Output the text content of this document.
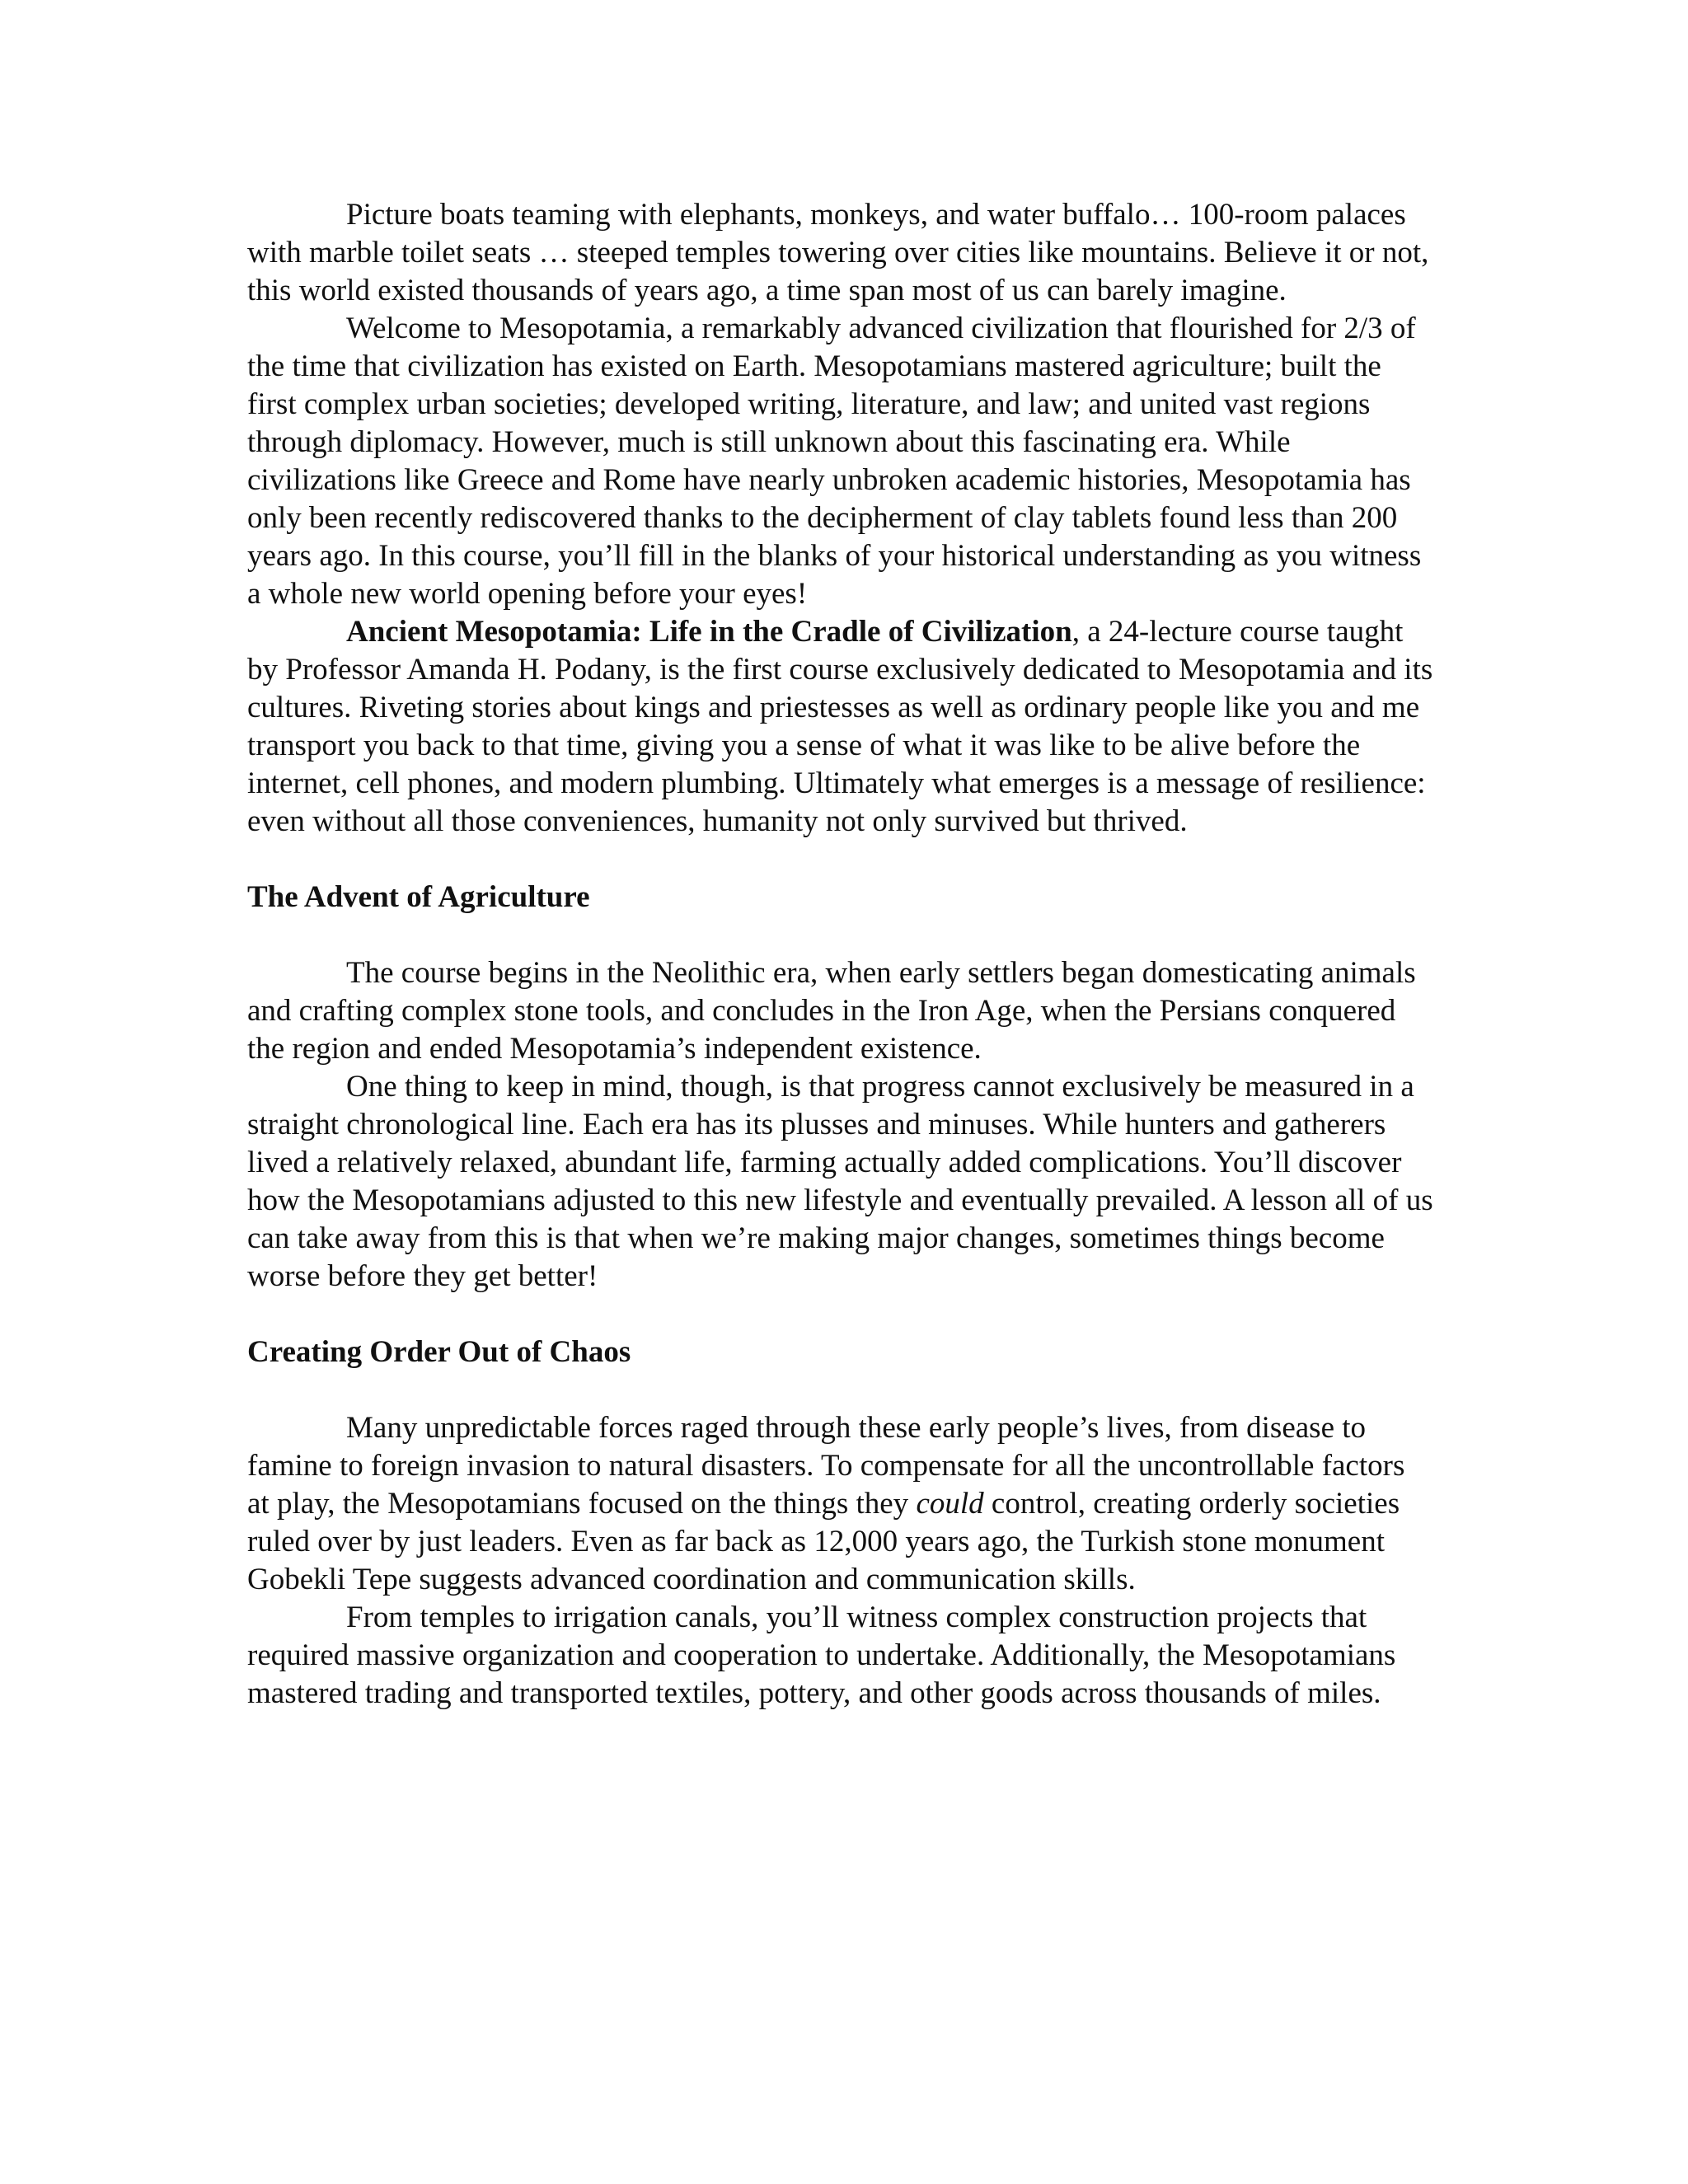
Picture boats teaming with elephants, monkeys, and water buffalo… 100-room palaces with marble toilet seats … steeped temples towering over cities like mountains. Believe it or not, this world existed thousands of years ago, a time span most of us can barely imagine.

Welcome to Mesopotamia, a remarkably advanced civilization that flourished for 2/3 of the time that civilization has existed on Earth. Mesopotamians mastered agriculture; built the first complex urban societies; developed writing, literature, and law; and united vast regions through diplomacy. However, much is still unknown about this fascinating era. While civilizations like Greece and Rome have nearly unbroken academic histories, Mesopotamia has only been recently rediscovered thanks to the decipherment of clay tablets found less than 200 years ago. In this course, you’ll fill in the blanks of your historical understanding as you witness a whole new world opening before your eyes!

Ancient Mesopotamia: Life in the Cradle of Civilization, a 24-lecture course taught by Professor Amanda H. Podany, is the first course exclusively dedicated to Mesopotamia and its cultures. Riveting stories about kings and priestesses as well as ordinary people like you and me transport you back to that time, giving you a sense of what it was like to be alive before the internet, cell phones, and modern plumbing. Ultimately what emerges is a message of resilience: even without all those conveniences, humanity not only survived but thrived.

The Advent of Agriculture

The course begins in the Neolithic era, when early settlers began domesticating animals and crafting complex stone tools, and concludes in the Iron Age, when the Persians conquered the region and ended Mesopotamia’s independent existence.

One thing to keep in mind, though, is that progress cannot exclusively be measured in a straight chronological line. Each era has its plusses and minuses. While hunters and gatherers lived a relatively relaxed, abundant life, farming actually added complications. You’ll discover how the Mesopotamians adjusted to this new lifestyle and eventually prevailed. A lesson all of us can take away from this is that when we’re making major changes, sometimes things become worse before they get better!

Creating Order Out of Chaos

Many unpredictable forces raged through these early people’s lives, from disease to famine to foreign invasion to natural disasters. To compensate for all the uncontrollable factors at play, the Mesopotamians focused on the things they could control, creating orderly societies ruled over by just leaders. Even as far back as 12,000 years ago, the Turkish stone monument Gobekli Tepe suggests advanced coordination and communication skills.

From temples to irrigation canals, you’ll witness complex construction projects that required massive organization and cooperation to undertake. Additionally, the Mesopotamians mastered trading and transported textiles, pottery, and other goods across thousands of miles.
